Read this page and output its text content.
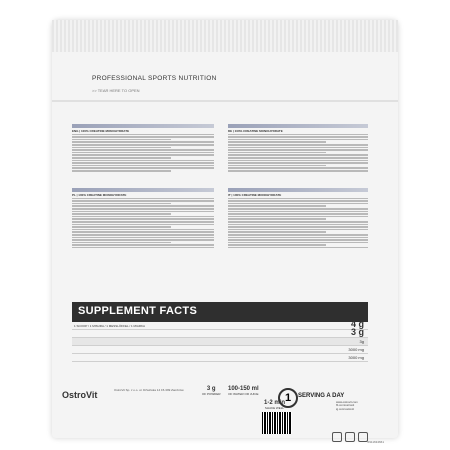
PROFESSIONAL SPORTS NUTRITION
>> TEAR HERE TO OPEN
ENG | 100% CREATINE MONOHYDRATE	DE | 100% CREATINE MONOHYDRATE
PL | 100% CREATINE MONOHYDRATE	IT | 100% CREATINE MONOHYDRATE
SUPPLEMENT FACTS
1 SCOOP / 1 MISURA / 1 MESSLÖFFEL / 1 MIARKA	4 g
3 g
3g
3000 mg
3000 mg
OstroVit	OstroVit Sp. z o.o. ul. Dźwińska 14 15-399 Zambrów	3 g
OF POWDER
100-150 ml
OF WATER OR JUICE
1-2 min
SHAKE WELL
1	SERVING A DAY
www.ostrovit.com
fb.com/ostrovit
ig.com/ostrovit
0911634661
